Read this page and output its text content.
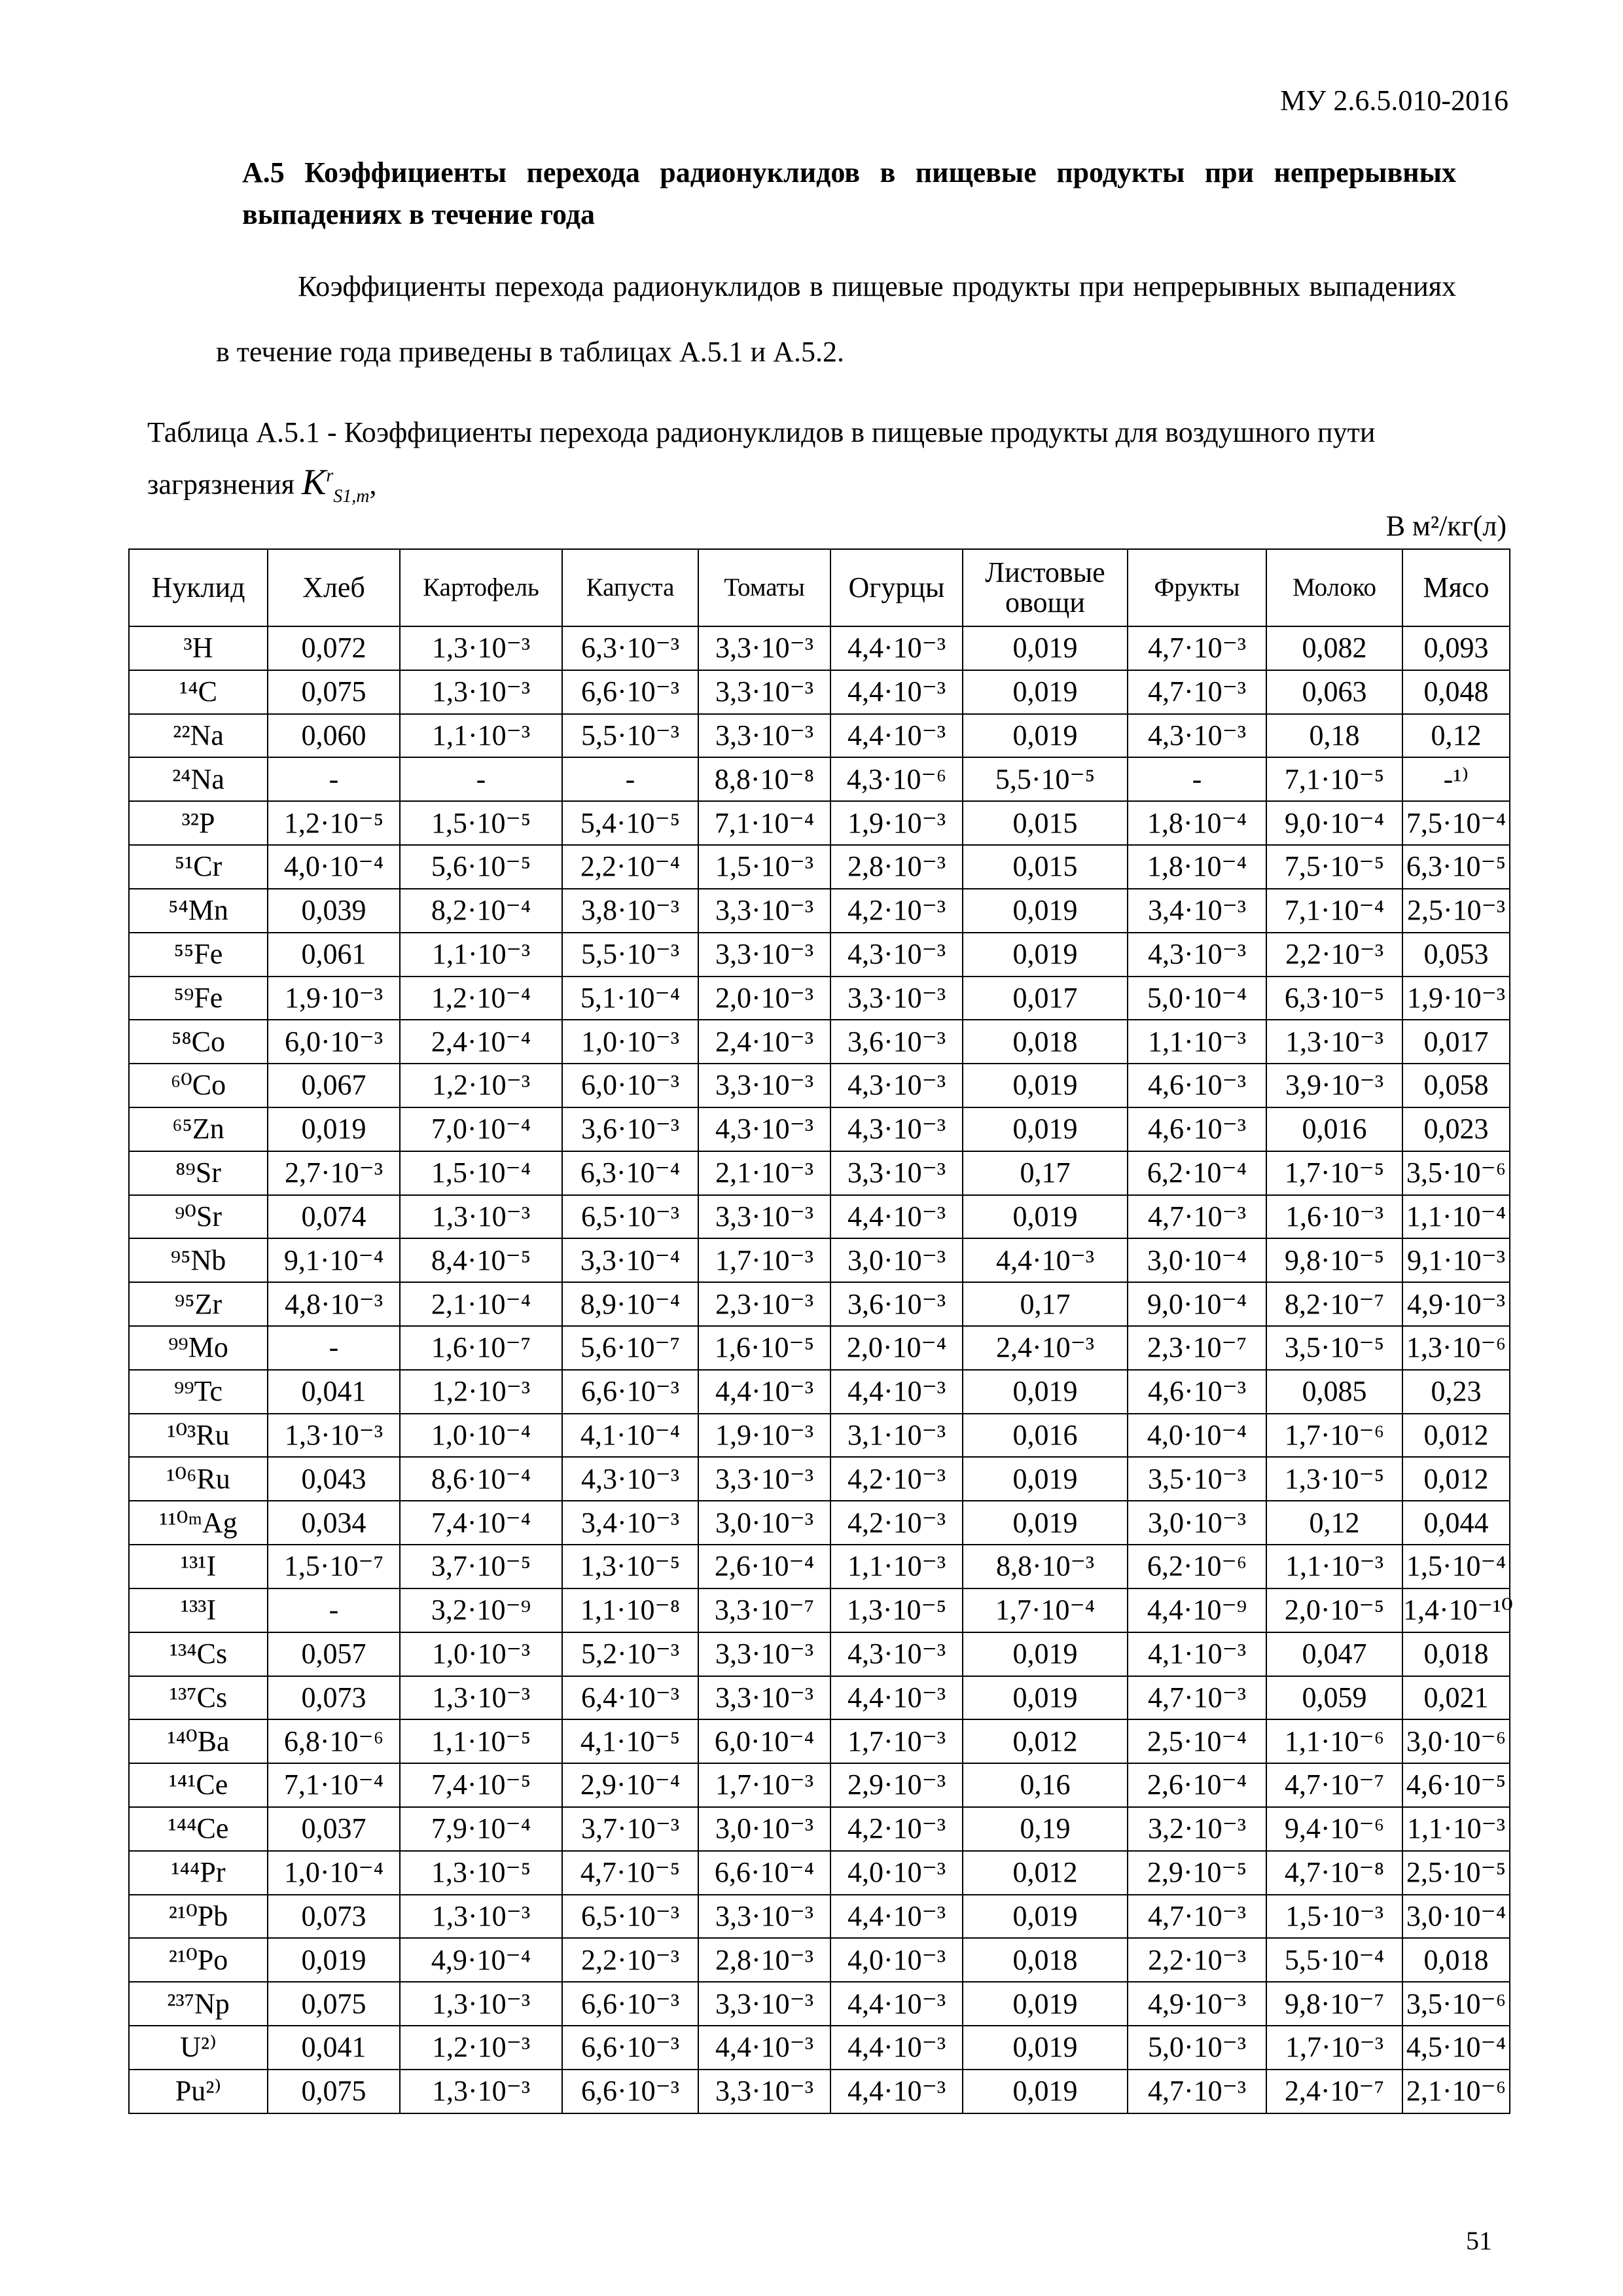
МУ 2.6.5.010-2016
А.5 Коэффициенты перехода радионуклидов в пищевые продукты при непрерывных выпадениях в течение года

Коэффициенты перехода радионуклидов в пищевые продукты при непрерывных выпадениях в течение года приведены в таблицах А.5.1 и А.5.2.

Таблица А.5.1 - Коэффициенты перехода радионуклидов в пищевые продукты для воздушного пути загрязнения $K^r_{S1,m}$,

В м²/кг(л)
Нуклид	Хлеб	Картофель	Капуста	Томаты	Огурцы	Листовые овощи	Фрукты	Молоко	Мясо
³H	0,072	1,3·10⁻³	6,3·10⁻³	3,3·10⁻³	4,4·10⁻³	0,019	4,7·10⁻³	0,082	0,093
¹⁴C	0,075	1,3·10⁻³	6,6·10⁻³	3,3·10⁻³	4,4·10⁻³	0,019	4,7·10⁻³	0,063	0,048
²²Na	0,060	1,1·10⁻³	5,5·10⁻³	3,3·10⁻³	4,4·10⁻³	0,019	4,3·10⁻³	0,18	0,12
²⁴Na	-	-	-	8,8·10⁻⁸	4,3·10⁻⁶	5,5·10⁻⁵	-	7,1·10⁻⁵	-¹⁾
³²P	1,2·10⁻⁵	1,5·10⁻⁵	5,4·10⁻⁵	7,1·10⁻⁴	1,9·10⁻³	0,015	1,8·10⁻⁴	9,0·10⁻⁴	7,5·10⁻⁴
⁵¹Cr	4,0·10⁻⁴	5,6·10⁻⁵	2,2·10⁻⁴	1,5·10⁻³	2,8·10⁻³	0,015	1,8·10⁻⁴	7,5·10⁻⁵	6,3·10⁻⁵
⁵⁴Mn	0,039	8,2·10⁻⁴	3,8·10⁻³	3,3·10⁻³	4,2·10⁻³	0,019	3,4·10⁻³	7,1·10⁻⁴	2,5·10⁻³
⁵⁵Fe	0,061	1,1·10⁻³	5,5·10⁻³	3,3·10⁻³	4,3·10⁻³	0,019	4,3·10⁻³	2,2·10⁻³	0,053
⁵⁹Fe	1,9·10⁻³	1,2·10⁻⁴	5,1·10⁻⁴	2,0·10⁻³	3,3·10⁻³	0,017	5,0·10⁻⁴	6,3·10⁻⁵	1,9·10⁻³
⁵⁸Co	6,0·10⁻³	2,4·10⁻⁴	1,0·10⁻³	2,4·10⁻³	3,6·10⁻³	0,018	1,1·10⁻³	1,3·10⁻³	0,017
⁶⁰Co	0,067	1,2·10⁻³	6,0·10⁻³	3,3·10⁻³	4,3·10⁻³	0,019	4,6·10⁻³	3,9·10⁻³	0,058
⁶⁵Zn	0,019	7,0·10⁻⁴	3,6·10⁻³	4,3·10⁻³	4,3·10⁻³	0,019	4,6·10⁻³	0,016	0,023
⁸⁹Sr	2,7·10⁻³	1,5·10⁻⁴	6,3·10⁻⁴	2,1·10⁻³	3,3·10⁻³	0,17	6,2·10⁻⁴	1,7·10⁻⁵	3,5·10⁻⁶
⁹⁰Sr	0,074	1,3·10⁻³	6,5·10⁻³	3,3·10⁻³	4,4·10⁻³	0,019	4,7·10⁻³	1,6·10⁻³	1,1·10⁻⁴
⁹⁵Nb	9,1·10⁻⁴	8,4·10⁻⁵	3,3·10⁻⁴	1,7·10⁻³	3,0·10⁻³	4,4·10⁻³	3,0·10⁻⁴	9,8·10⁻⁵	9,1·10⁻³
⁹⁵Zr	4,8·10⁻³	2,1·10⁻⁴	8,9·10⁻⁴	2,3·10⁻³	3,6·10⁻³	0,17	9,0·10⁻⁴	8,2·10⁻⁷	4,9·10⁻³
⁹⁹Mo	-	1,6·10⁻⁷	5,6·10⁻⁷	1,6·10⁻⁵	2,0·10⁻⁴	2,4·10⁻³	2,3·10⁻⁷	3,5·10⁻⁵	1,3·10⁻⁶
⁹⁹Tc	0,041	1,2·10⁻³	6,6·10⁻³	4,4·10⁻³	4,4·10⁻³	0,019	4,6·10⁻³	0,085	0,23
¹⁰³Ru	1,3·10⁻³	1,0·10⁻⁴	4,1·10⁻⁴	1,9·10⁻³	3,1·10⁻³	0,016	4,0·10⁻⁴	1,7·10⁻⁶	0,012
¹⁰⁶Ru	0,043	8,6·10⁻⁴	4,3·10⁻³	3,3·10⁻³	4,2·10⁻³	0,019	3,5·10⁻³	1,3·10⁻⁵	0,012
¹¹⁰ᵐAg	0,034	7,4·10⁻⁴	3,4·10⁻³	3,0·10⁻³	4,2·10⁻³	0,019	3,0·10⁻³	0,12	0,044
¹³¹I	1,5·10⁻⁷	3,7·10⁻⁵	1,3·10⁻⁵	2,6·10⁻⁴	1,1·10⁻³	8,8·10⁻³	6,2·10⁻⁶	1,1·10⁻³	1,5·10⁻⁴
¹³³I	-	3,2·10⁻⁹	1,1·10⁻⁸	3,3·10⁻⁷	1,3·10⁻⁵	1,7·10⁻⁴	4,4·10⁻⁹	2,0·10⁻⁵	1,4·10⁻¹⁰
¹³⁴Cs	0,057	1,0·10⁻³	5,2·10⁻³	3,3·10⁻³	4,3·10⁻³	0,019	4,1·10⁻³	0,047	0,018
¹³⁷Cs	0,073	1,3·10⁻³	6,4·10⁻³	3,3·10⁻³	4,4·10⁻³	0,019	4,7·10⁻³	0,059	0,021
¹⁴⁰Ba	6,8·10⁻⁶	1,1·10⁻⁵	4,1·10⁻⁵	6,0·10⁻⁴	1,7·10⁻³	0,012	2,5·10⁻⁴	1,1·10⁻⁶	3,0·10⁻⁶
¹⁴¹Ce	7,1·10⁻⁴	7,4·10⁻⁵	2,9·10⁻⁴	1,7·10⁻³	2,9·10⁻³	0,16	2,6·10⁻⁴	4,7·10⁻⁷	4,6·10⁻⁵
¹⁴⁴Ce	0,037	7,9·10⁻⁴	3,7·10⁻³	3,0·10⁻³	4,2·10⁻³	0,19	3,2·10⁻³	9,4·10⁻⁶	1,1·10⁻³
¹⁴⁴Pr	1,0·10⁻⁴	1,3·10⁻⁵	4,7·10⁻⁵	6,6·10⁻⁴	4,0·10⁻³	0,012	2,9·10⁻⁵	4,7·10⁻⁸	2,5·10⁻⁵
²¹⁰Pb	0,073	1,3·10⁻³	6,5·10⁻³	3,3·10⁻³	4,4·10⁻³	0,019	4,7·10⁻³	1,5·10⁻³	3,0·10⁻⁴
²¹⁰Po	0,019	4,9·10⁻⁴	2,2·10⁻³	2,8·10⁻³	4,0·10⁻³	0,018	2,2·10⁻³	5,5·10⁻⁴	0,018
²³⁷Np	0,075	1,3·10⁻³	6,6·10⁻³	3,3·10⁻³	4,4·10⁻³	0,019	4,9·10⁻³	9,8·10⁻⁷	3,5·10⁻⁶
U²⁾	0,041	1,2·10⁻³	6,6·10⁻³	4,4·10⁻³	4,4·10⁻³	0,019	5,0·10⁻³	1,7·10⁻³	4,5·10⁻⁴
Pu²⁾	0,075	1,3·10⁻³	6,6·10⁻³	3,3·10⁻³	4,4·10⁻³	0,019	4,7·10⁻³	2,4·10⁻⁷	2,1·10⁻⁶
51
